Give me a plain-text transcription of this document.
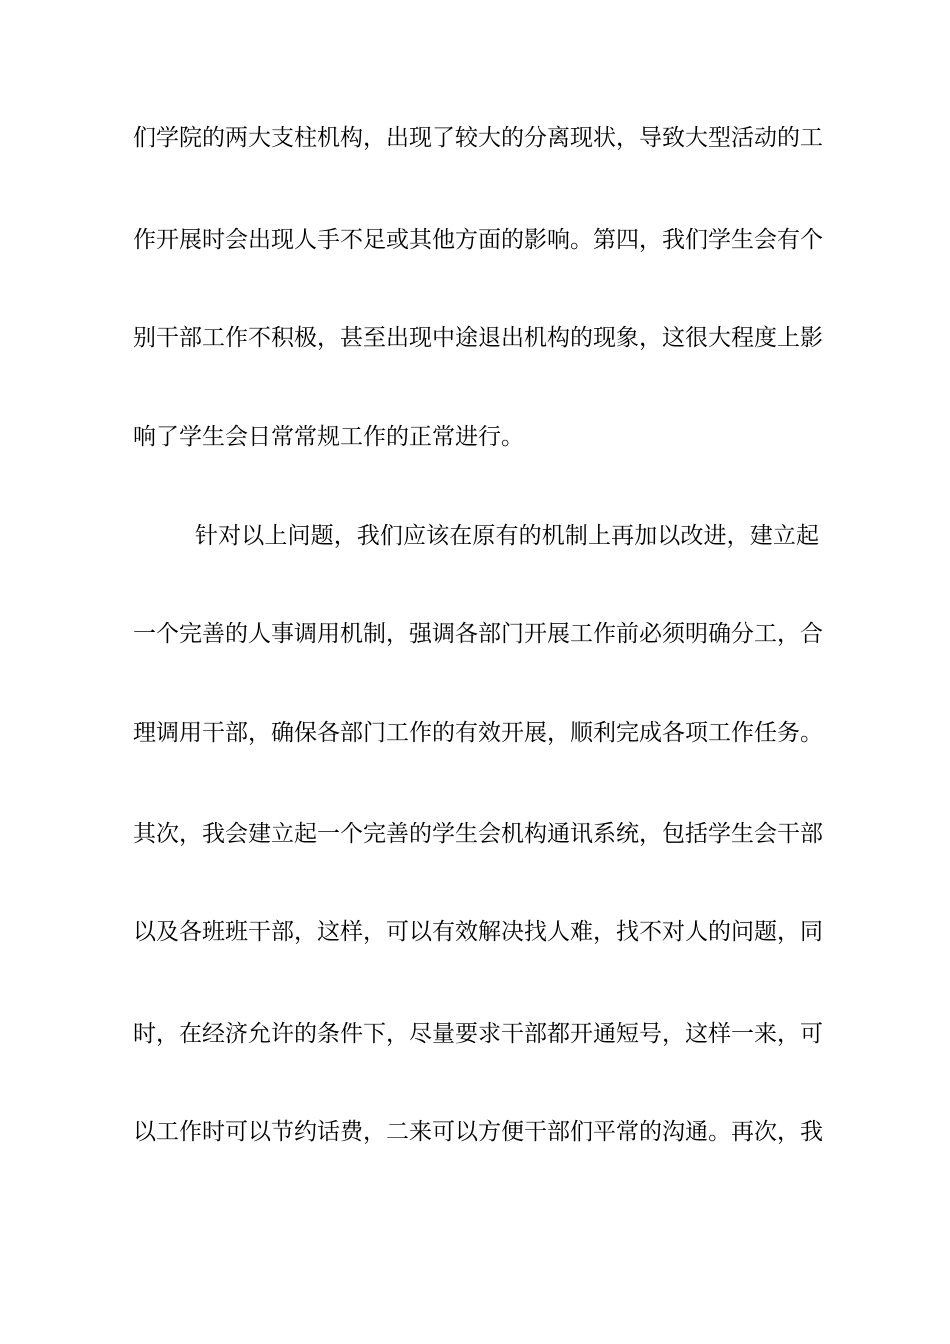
们学院的两大支柱机构，出现了较大的分离现状，导致大型活动的工
作开展时会出现人手不足或其他方面的影响。第四，我们学生会有个
别干部工作不积极，甚至出现中途退出机构的现象，这很大程度上影
响了学生会日常常规工作的正常进行。
针对以上问题，我们应该在原有的机制上再加以改进，建立起
一个完善的人事调用机制，强调各部门开展工作前必须明确分工，合
理调用干部，确保各部门工作的有效开展，顺利完成各项工作任务。
其次，我会建立起一个完善的学生会机构通讯系统，包括学生会干部
以及各班班干部，这样，可以有效解决找人难，找不对人的问题，同
时，在经济允许的条件下，尽量要求干部都开通短号，这样一来，可
以工作时可以节约话费，二来可以方便干部们平常的沟通。再次，我
